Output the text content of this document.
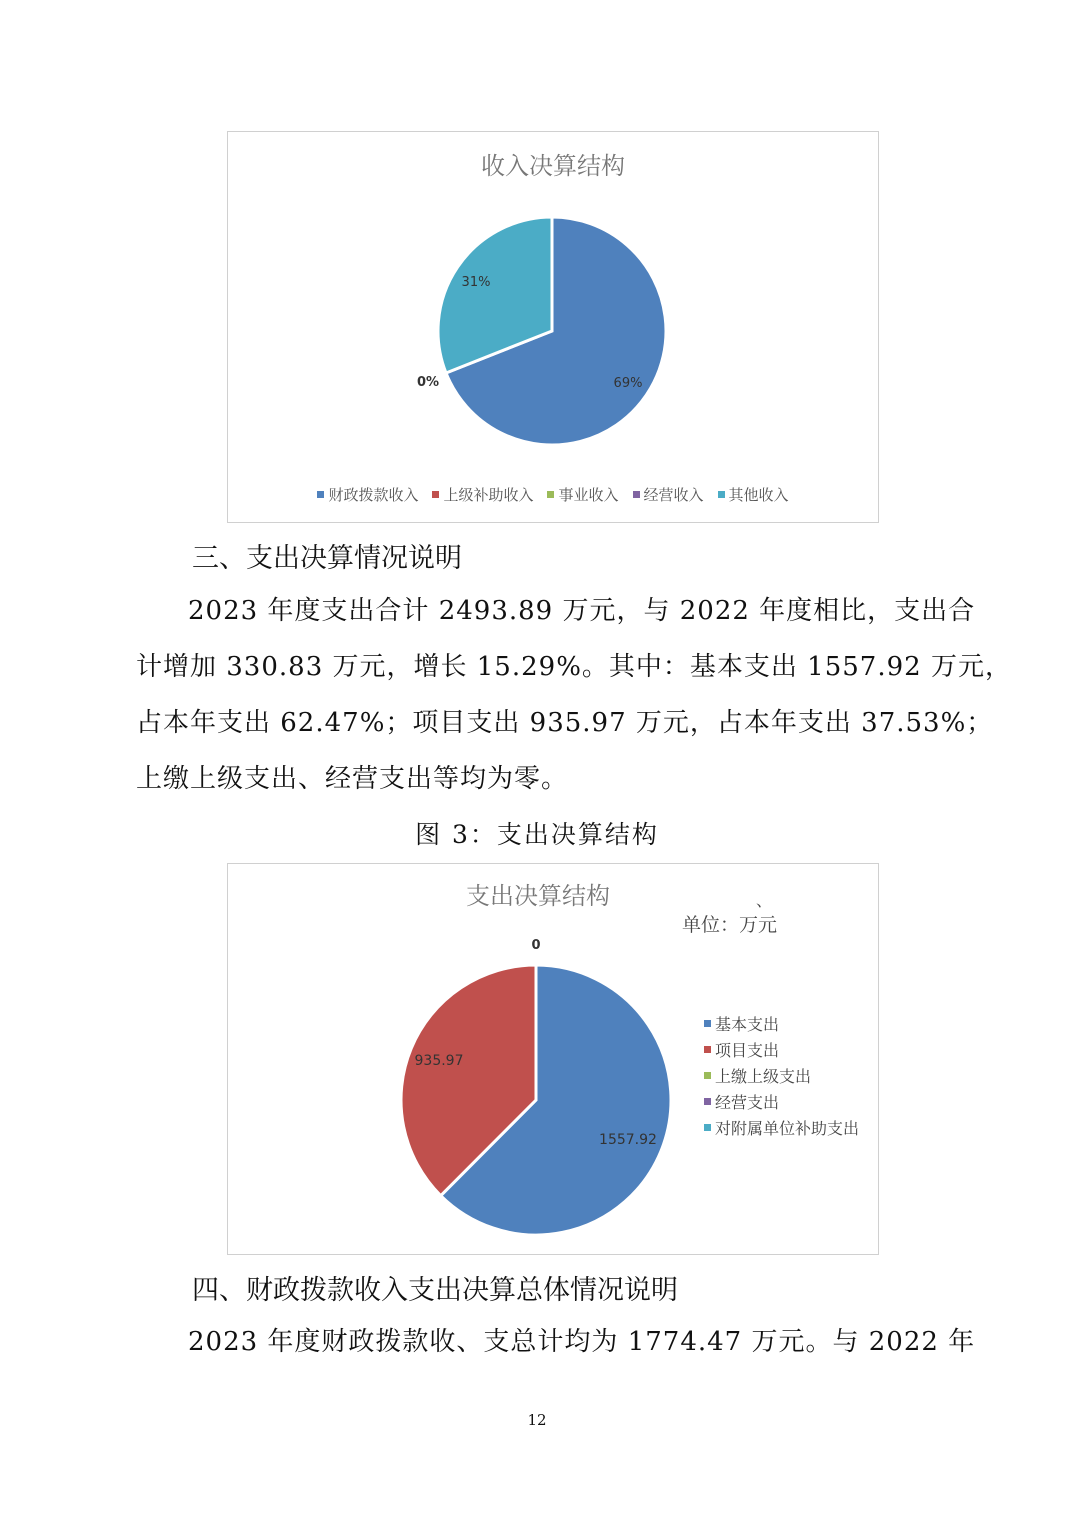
收入决算结构
69%
0%
31%
财政拨款收入 上级补助收入 事业收入 经营收入 其他收入
三、支出决算情况说明
2023 年度支出合计 2493.89 万元，与 2022 年度相比，支出合
计增加 330.83 万元，增长 15.29%。其中：基本支出 1557.92 万元，
占本年支出 62.47%；项目支出 935.97 万元，占本年支出 37.53%；
上缴上级支出、经营支出等均为零。
图 3：支出决算结构
支出决算结构	、
单位：万元
1557.92
935.97
0
基本支出
项目支出
上缴上级支出
经营支出
对附属单位补助支出
四、财政拨款收入支出决算总体情况说明
2023 年度财政拨款收、支总计均为 1774.47 万元。与 2022 年
12
